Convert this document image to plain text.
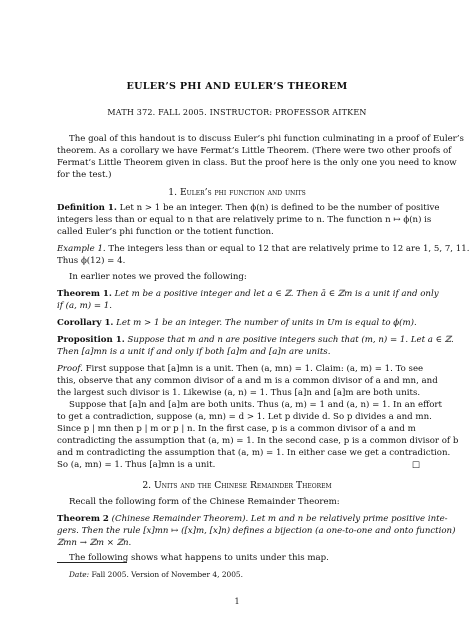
EULER’S PHI AND EULER’S THEOREM
MATH 372. FALL 2005. INSTRUCTOR: PROFESSOR AITKEN
The goal of this handout is to discuss Euler’s phi function culminating in a proof of Euler’s
theorem. As a corollary we have Fermat’s Little Theorem. (There were two other proofs of
Fermat’s Little Theorem given in class. But the proof here is the only one you need to know
for the test.)
1. Euler’s phi function and units
Definition 1. Let n > 1 be an integer. Then ϕ(n) is defined to be the number of positive
integers less than or equal to n that are relatively prime to n. The function n ↦ ϕ(n) is
called Euler’s phi function or the totient function.
Example 1. The integers less than or equal to 12 that are relatively prime to 12 are 1, 5, 7, 11.
Thus ϕ(12) = 4.
In earlier notes we proved the following:
Theorem 1. Let m be a positive integer and let a ∈ ℤ. Then ā ∈ ℤm is a unit if and only
if (a, m) = 1.
Corollary 1. Let m > 1 be an integer. The number of units in Um is equal to ϕ(m).
Proposition 1. Suppose that m and n are positive integers such that (m, n) = 1. Let a ∈ ℤ.
Then [a]mn is a unit if and only if both [a]m and [a]n are units.
Proof. First suppose that [a]mn is a unit. Then (a, mn) = 1. Claim: (a, m) = 1. To see
this, observe that any common divisor of a and m is a common divisor of a and mn, and
the largest such divisor is 1. Likewise (a, n) = 1. Thus [a]n and [a]m are both units.
Suppose that [a]n and [a]m are both units. Thus (a, m) = 1 and (a, n) = 1. In an effort
to get a contradiction, suppose (a, mn) = d > 1. Let p divide d. So p divides a and mn.
Since p | mn then p | m or p | n. In the first case, p is a common divisor of a and m
contradicting the assumption that (a, m) = 1. In the second case, p is a common divisor of b
and m contradicting the assumption that (a, m) = 1. In either case we get a contradiction.
So (a, mn) = 1. Thus [a]mn is a unit.	□
2. Units and the Chinese Remainder Theorem
Recall the following form of the Chinese Remainder Theorem:
Theorem 2 (Chinese Remainder Theorem). Let m and n be relatively prime positive inte-
gers. Then the rule [x]mn ↦ ([x]m, [x]n) defines a bijection (a one-to-one and onto function)
ℤmn → ℤm × ℤn.
The following shows what happens to units under this map.
Date: Fall 2005. Version of November 4, 2005.
1
